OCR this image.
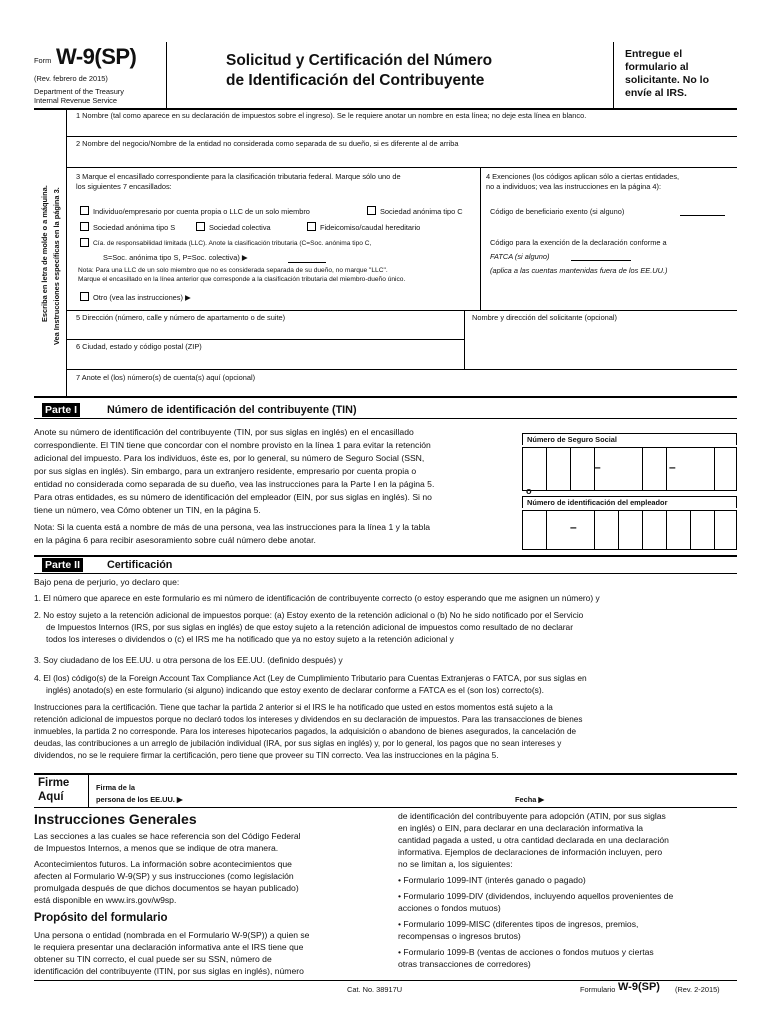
Form W-9(SP)
(Rev. febrero de 2015)
Department of the Treasury
Internal Revenue Service
Solicitud y Certificación del Número
de Identificación del Contribuyente
Entregue el
formulario al
solicitante. No lo
envíe al IRS.
Escriba en letra de molde o a máquina. Vea Instrucciones específicas en la página 3.
1 Nombre (tal como aparece en su declaración de impuestos sobre el ingreso). Se le requiere anotar un nombre en esta línea; no deje esta línea en blanco.
2 Nombre del negocio/Nombre de la entidad no considerada como separada de su dueño, si es diferente al de arriba
3 Marque el encasillado correspondiente para la clasificación tributaria federal. Marque sólo uno de
los siguientes 7 encasillados:
4 Exenciones (los códigos aplican sólo a ciertas entidades,
no a individuos; vea las instrucciones en la página 4):
Individuo/empresario por cuenta propia o LLC de un solo miembro	Sociedad anónima tipo C
Sociedad anónima tipo S	Sociedad colectiva	Fideicomiso/caudal hereditario
Cía. de responsabilidad limitada (LLC). Anote la clasificación tributaria (C=Soc. anónima tipo C,
S=Soc. anónima tipo S, P=Soc. colectiva) ▶
Nota: Para una LLC de un solo miembro que no es considerada separada de su dueño, no marque "LLC".
Marque el encasillado en la línea anterior que corresponde a la clasificación tributaria del miembro-dueño único.
Otro (vea las instrucciones) ▶
Código de beneficiario exento (si alguno)
Código para la exención de la declaración conforme a
FATCA (si alguno)
(aplica a las cuentas mantenidas fuera de los EE.UU.)
5 Dirección (número, calle y número de apartamento o de suite)	Nombre y dirección del solicitante (opcional)
6 Ciudad, estado y código postal (ZIP)
7 Anote el (los) número(s) de cuenta(s) aquí (opcional)
Parte I	Número de identificación del contribuyente (TIN)
Anote su número de identificación del contribuyente (TIN, por sus siglas en inglés) en el encasillado
correspondiente. El TIN tiene que concordar con el nombre provisto en la línea 1 para evitar la retención
adicional del impuesto. Para los individuos, éste es, por lo general, su número de Seguro Social (SSN,
por sus siglas en inglés). Sin embargo, para un extranjero residente, empresario por cuenta propia o
entidad no considerada como separada de su dueño, vea las instrucciones para la Parte I en la página 5.
Para otras entidades, es su número de identificación del empleador (EIN, por sus siglas en inglés). Si no
tiene un número, vea Cómo obtener un TIN, en la página 5.
Nota: Si la cuenta está a nombre de más de una persona, vea las instrucciones para la línea 1 y la tabla
en la página 6 para recibir asesoramiento sobre cuál número debe anotar.
Número de Seguro Social
–	–
o
Número de identificación del empleador
–
Parte II Certificación
Bajo pena de perjurio, yo declaro que:
1. El número que aparece en este formulario es mi número de identificación de contribuyente correcto (o estoy esperando que me asignen un número) y
2. No estoy sujeto a la retención adicional de impuestos porque: (a) Estoy exento de la retención adicional o (b) No he sido notificado por el Servicio
de Impuestos Internos (IRS, por sus siglas en inglés) de que estoy sujeto a la retención adicional de impuestos como resultado de no declarar
todos los intereses o dividendos o (c) el IRS me ha notificado que ya no estoy sujeto a la retención adicional y
3. Soy ciudadano de los EE.UU. u otra persona de los EE.UU. (definido después) y
4. El (los) código(s) de la Foreign Account Tax Compliance Act (Ley de Cumplimiento Tributario para Cuentas Extranjeras o FATCA, por sus siglas en
inglés) anotado(s) en este formulario (si alguno) indicando que estoy exento de declarar conforme a FATCA es el (son los) correcto(s).
Instrucciones para la certificación. Tiene que tachar la partida 2 anterior si el IRS le ha notificado que usted en estos momentos está sujeto a la
retención adicional de impuestos porque no declaró todos los intereses y dividendos en su declaración de impuestos. Para las transacciones de bienes
inmuebles, la partida 2 no corresponde. Para los intereses hipotecarios pagados, la adquisición o abandono de bienes asegurados, la cancelación de
deudas, las contribuciones a un arreglo de jubilación individual (IRA, por sus siglas en inglés) y, por lo general, los pagos que no sean intereses y
dividendos, no se le requiere firmar la certificación, pero tiene que proveer su TIN correcto. Vea las instrucciones en la página 5.
Firme
Aquí
Firma de la
persona de los EE.UU. ▶	Fecha ▶
Instrucciones Generales
Las secciones a las cuales se hace referencia son del Código Federal
de Impuestos Internos, a menos que se indique de otra manera.
Acontecimientos futuros. La información sobre acontecimientos que
afecten al Formulario W-9(SP) y sus instrucciones (como legislación
promulgada después de que dichos documentos se hayan publicado)
está disponible en www.irs.gov/w9sp.
Propósito del formulario
Una persona o entidad (nombrada en el Formulario W-9(SP)) a quien se
le requiera presentar una declaración informativa ante el IRS tiene que
obtener su TIN correcto, el cual puede ser su SSN, número de
identificación del contribuyente (ITIN, por sus siglas en inglés), número
de identificación del contribuyente para adopción (ATIN, por sus siglas
en inglés) o EIN, para declarar en una declaración informativa la
cantidad pagada a usted, u otra cantidad declarada en una declaración
informativa. Ejemplos de declaraciones de información incluyen, pero
no se limitan a, los siguientes:
• Formulario 1099-INT (interés ganado o pagado)
• Formulario 1099-DIV (dividendos, incluyendo aquellos provenientes de
acciones o fondos mutuos)
• Formulario 1099-MISC (diferentes tipos de ingresos, premios,
recompensas o ingresos brutos)
• Formulario 1099-B (ventas de acciones o fondos mutuos y ciertas
otras transacciones de corredores)
Cat. No. 38917U	Formulario W-9(SP) (Rev. 2-2015)
